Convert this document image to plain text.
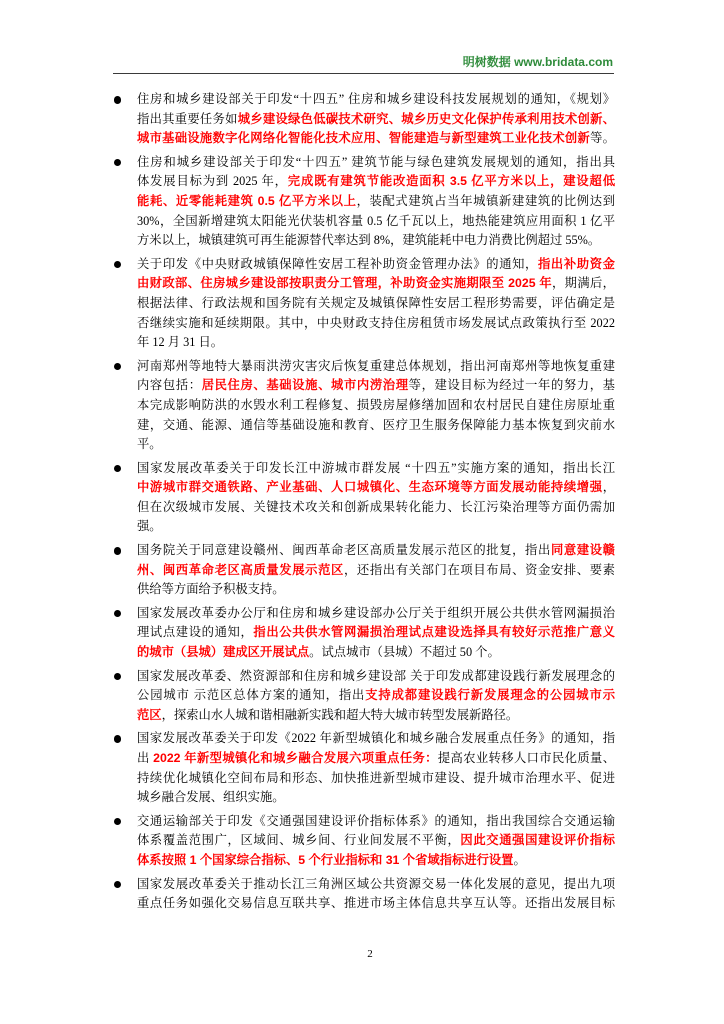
明树数据 www.bridata.com
住房和城乡建设部关于印发“十四五” 住房和城乡建设科技发展规划的通知，《规划》
指出其重要任务如城乡建设绿色低碳技术研究、城乡历史文化保护传承利用技术创新、
城市基础设施数字化网络化智能化技术应用、智能建造与新型建筑工业化技术创新等。
住房和城乡建设部关于印发“十四五” 建筑节能与绿色建筑发展规划的通知，指出具
体发展目标为到 2025 年，完成既有建筑节能改造面积 3.5 亿平方米以上，建设超低
能耗、近零能耗建筑 0.5 亿平方米以上，装配式建筑占当年城镇新建建筑的比例达到
30%，全国新增建筑太阳能光伏装机容量 0.5 亿千瓦以上，地热能建筑应用面积 1 亿平
方米以上，城镇建筑可再生能源替代率达到 8%，建筑能耗中电力消费比例超过 55%。
关于印发《中央财政城镇保障性安居工程补助资金管理办法》的通知，指出补助资金
由财政部、住房城乡建设部按职责分工管理，补助资金实施期限至 2025 年，期满后，
根据法律、行政法规和国务院有关规定及城镇保障性安居工程形势需要，评估确定是
否继续实施和延续期限。其中，中央财政支持住房租赁市场发展试点政策执行至 2022
年 12 月 31 日。
河南郑州等地特大暴雨洪涝灾害灾后恢复重建总体规划，指出河南郑州等地恢复重建
内容包括：居民住房、基础设施、城市内涝治理等，建设目标为经过一年的努力，基
本完成影响防洪的水毁水利工程修复、损毁房屋修缮加固和农村居民自建住房原址重
建，交通、能源、通信等基础设施和教育、医疗卫生服务保障能力基本恢复到灾前水
平。
国家发展改革委关于印发长江中游城市群发展 “十四五”实施方案的通知，指出长江
中游城市群交通铁路、产业基础、人口城镇化、生态环境等方面发展动能持续增强，
但在次级城市发展、关键技术攻关和创新成果转化能力、长江污染治理等方面仍需加
强。
国务院关于同意建设赣州、闽西革命老区高质量发展示范区的批复，指出同意建设赣
州、闽西革命老区高质量发展示范区，还指出有关部门在项目布局、资金安排、要素
供给等方面给予积极支持。
国家发展改革委办公厅和住房和城乡建设部办公厅关于组织开展公共供水管网漏损治
理试点建设的通知，指出公共供水管网漏损治理试点建设选择具有较好示范推广意义
的城市（县城）建成区开展试点。试点城市（县城）不超过 50 个。
国家发展改革委、然资源部和住房和城乡建设部 关于印发成都建设践行新发展理念的
公园城市 示范区总体方案的通知，指出支持成都建设践行新发展理念的公园城市示
范区，探索山水人城和谐相融新实践和超大特大城市转型发展新路径。
国家发展改革委关于印发《2022 年新型城镇化和城乡融合发展重点任务》的通知，指
出 2022 年新型城镇化和城乡融合发展六项重点任务：提高农业转移人口市民化质量、
持续优化城镇化空间布局和形态、加快推进新型城市建设、提升城市治理水平、促进
城乡融合发展、组织实施。
交通运输部关于印发《交通强国建设评价指标体系》的通知，指出我国综合交通运输
体系覆盖范围广，区域间、城乡间、行业间发展不平衡，因此交通强国建设评价指标
体系按照 1 个国家综合指标、5 个行业指标和 31 个省域指标进行设置。
国家发展改革委关于推动长江三角洲区域公共资源交易一体化发展的意见，提出九项
重点任务如强化交易信息互联共享、推进市场主体信息共享互认等。还指出发展目标
2
